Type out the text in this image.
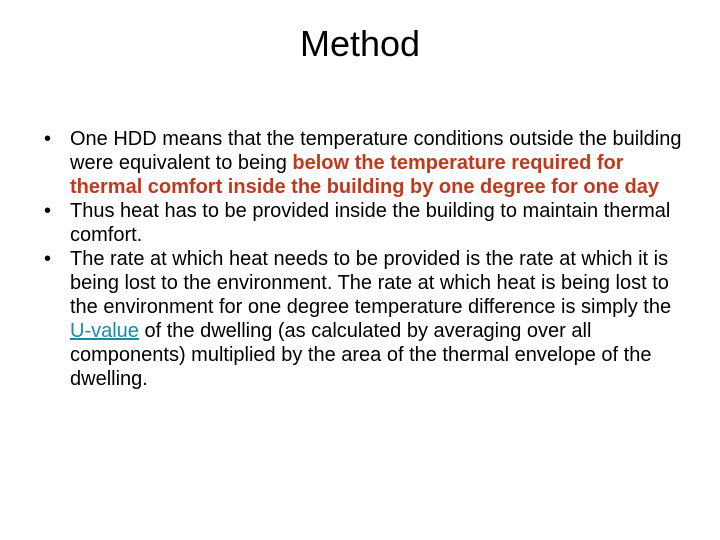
Method
• One HDD means that the temperature conditions outside the building were equivalent to being below the temperature required for thermal comfort inside the building by one degree for one day
• Thus heat has to be provided inside the building to maintain thermal comfort.
• The rate at which heat needs to be provided is the rate at which it is being lost to the environment. The rate at which heat is being lost to the environment for one degree temperature difference is simply the U-value of the dwelling (as calculated by averaging over all components) multiplied by the area of the thermal envelope of the dwelling.
